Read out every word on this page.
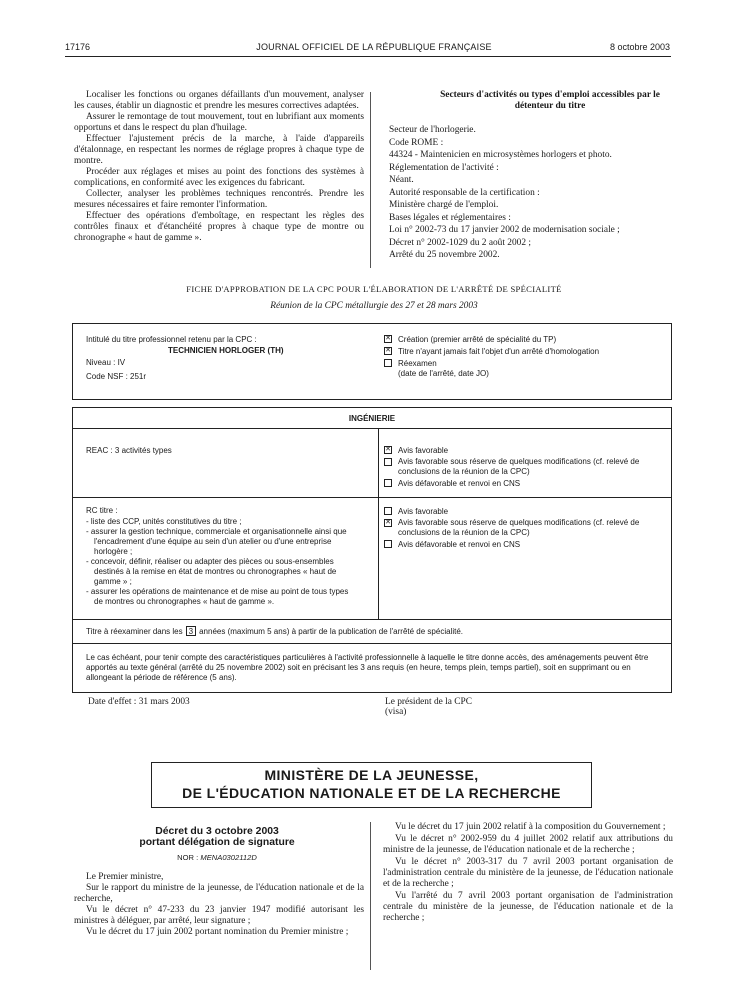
17176	JOURNAL OFFICIEL DE LA RÉPUBLIQUE FRANÇAISE	8 octobre 2003

Localiser les fonctions ou organes défaillants d'un mouvement, analyser les causes, établir un diagnostic et prendre les mesures correctives adaptées.

Assurer le remontage de tout mouvement, tout en lubrifiant aux moments opportuns et dans le respect du plan d'huilage.

Effectuer l'ajustement précis de la marche, à l'aide d'appareils d'étalonnage, en respectant les normes de réglage propres à chaque type de montre.

Procéder aux réglages et mises au point des fonctions des systèmes à complications, en conformité avec les exigences du fabricant.

Collecter, analyser les problèmes techniques rencontrés. Prendre les mesures nécessaires et faire remonter l'information.

Effectuer des opérations d'emboîtage, en respectant les règles des contrôles finaux et d'étanchéité propres à chaque type de montre ou chronographe « haut de gamme ».

Secteurs d'activités ou types d'emploi accessibles par le détenteur du titre
Secteur de l'horlogerie.
Code ROME :
44324 - Maintenicien en microsystèmes horlogers et photo.
Réglementation de l'activité :
Néant.
Autorité responsable de la certification :
Ministère chargé de l'emploi.
Bases légales et réglementaires :
Loi n° 2002-73 du 17 janvier 2002 de modernisation sociale ;
Décret n° 2002-1029 du 2 août 2002 ;
Arrêté du 25 novembre 2002.
FICHE D'APPROBATION DE LA CPC POUR L'ÉLABORATION DE L'ARRÊTÉ DE SPÉCIALITÉ
Réunion de la CPC métallurgie des 27 et 28 mars 2003
Intitulé du titre professionnel retenu par la CPC :
TECHNICIEN HORLOGER (TH)
Niveau : IV
Code NSF : 251r
✕
Création (premier arrêté de spécialité du TP)
✕
Titre n'ayant jamais fait l'objet d'un arrêté d'homologation
Réexamen
(date de l'arrêté, date JO)
INGÉNIERIE
REAC : 3 activités types
✕	Avis favorable
Avis favorable sous réserve de quelques modifications (cf. relevé de conclusions de la réunion de la CPC)
Avis défavorable et renvoi en CNS
RC titre :
- liste des CCP, unités constitutives du titre ;
- assurer la gestion technique, commerciale et organisationnelle ainsi que l'encadrement d'une équipe au sein d'un atelier ou d'une entreprise horlogère ;
- concevoir, définir, réaliser ou adapter des pièces ou sous-ensembles destinés à la remise en état de montres ou chronographes « haut de gamme » ;
- assurer les opérations de maintenance et de mise au point de tous types de montres ou chronographes « haut de gamme ».
Avis favorable
✕
Avis favorable sous réserve de quelques modifications (cf. relevé de conclusions de la réunion de la CPC)
Avis défavorable et renvoi en CNS
Titre à réexaminer dans les 3 années (maximum 5 ans) à partir de la publication de l'arrêté de spécialité.
Le cas échéant, pour tenir compte des caractéristiques particulières à l'activité professionnelle à laquelle le titre donne accès, des aménagements peuvent être apportés au texte général (arrêté du 25 novembre 2002) soit en précisant les 3 ans requis (en heure, temps plein, temps partiel), soit en supprimant ou en allongeant la période de référence (5 ans).
Date d'effet : 31 mars 2003	Le président de la CPC
(visa)
MINISTÈRE DE LA JEUNESSE,
DE L'ÉDUCATION NATIONALE ET DE LA RECHERCHE
Décret du 3 octobre 2003
portant délégation de signature
NOR : MENA0302112D

Le Premier ministre,

Sur le rapport du ministre de la jeunesse, de l'éducation nationale et de la recherche,

Vu le décret n° 47-233 du 23 janvier 1947 modifié autorisant les ministres à déléguer, par arrêté, leur signature ;

Vu le décret du 17 juin 2002 portant nomination du Premier ministre ;

Vu le décret du 17 juin 2002 relatif à la composition du Gouvernement ;

Vu le décret n° 2002-959 du 4 juillet 2002 relatif aux attributions du ministre de la jeunesse, de l'éducation nationale et de la recherche ;

Vu le décret n° 2003-317 du 7 avril 2003 portant organisation de l'administration centrale du ministère de la jeunesse, de l'éducation nationale et de la recherche ;

Vu l'arrêté du 7 avril 2003 portant organisation de l'administration centrale du ministère de la jeunesse, de l'éducation nationale et de la recherche ;
